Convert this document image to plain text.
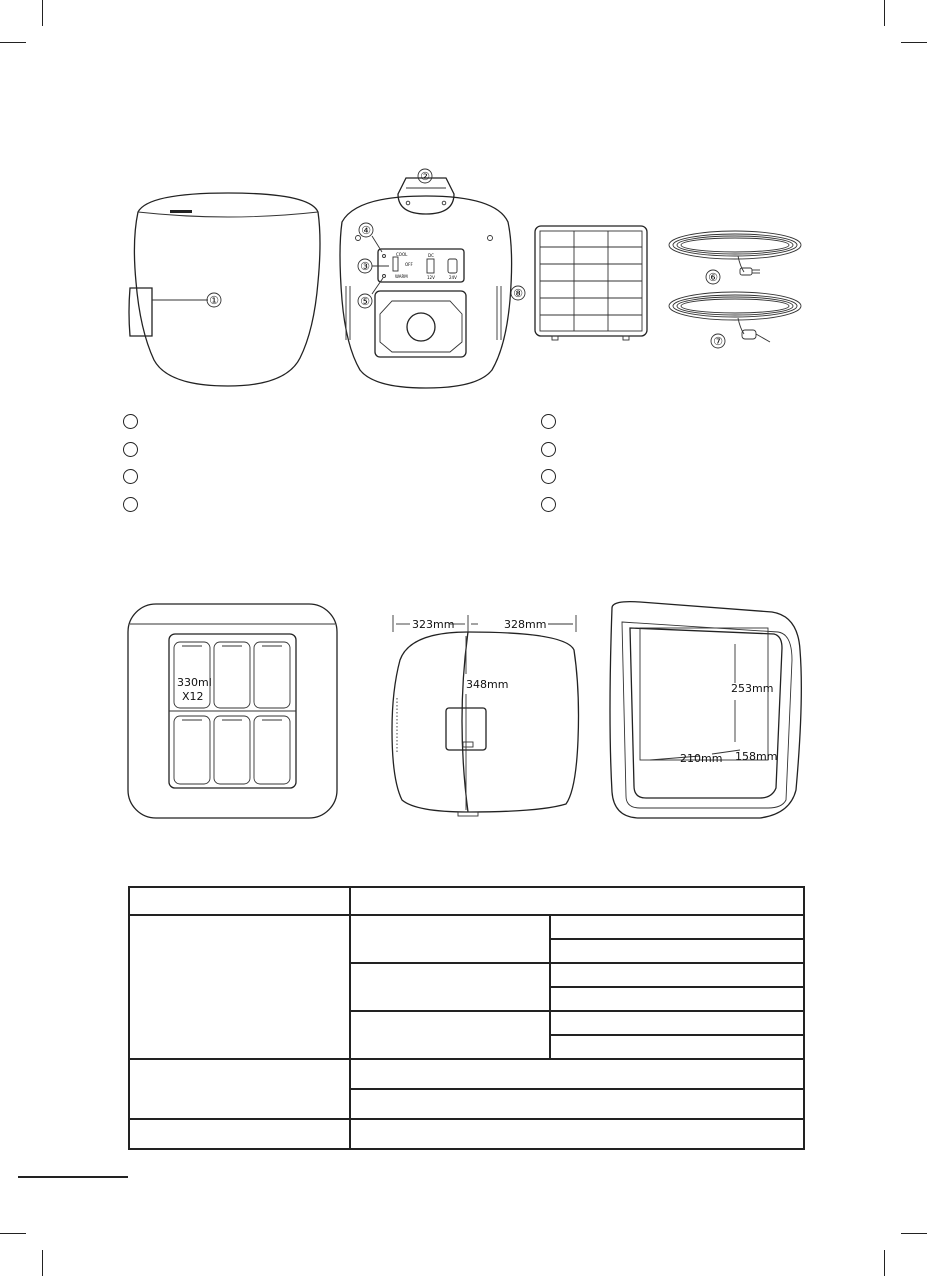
①
②
④
③
⑤
COOL
OFF
WARM
DC
12V	24V
⑧
⑥
⑦
330ml
X12
323mm	328mm
348mm	253mm
210mm 158mm
